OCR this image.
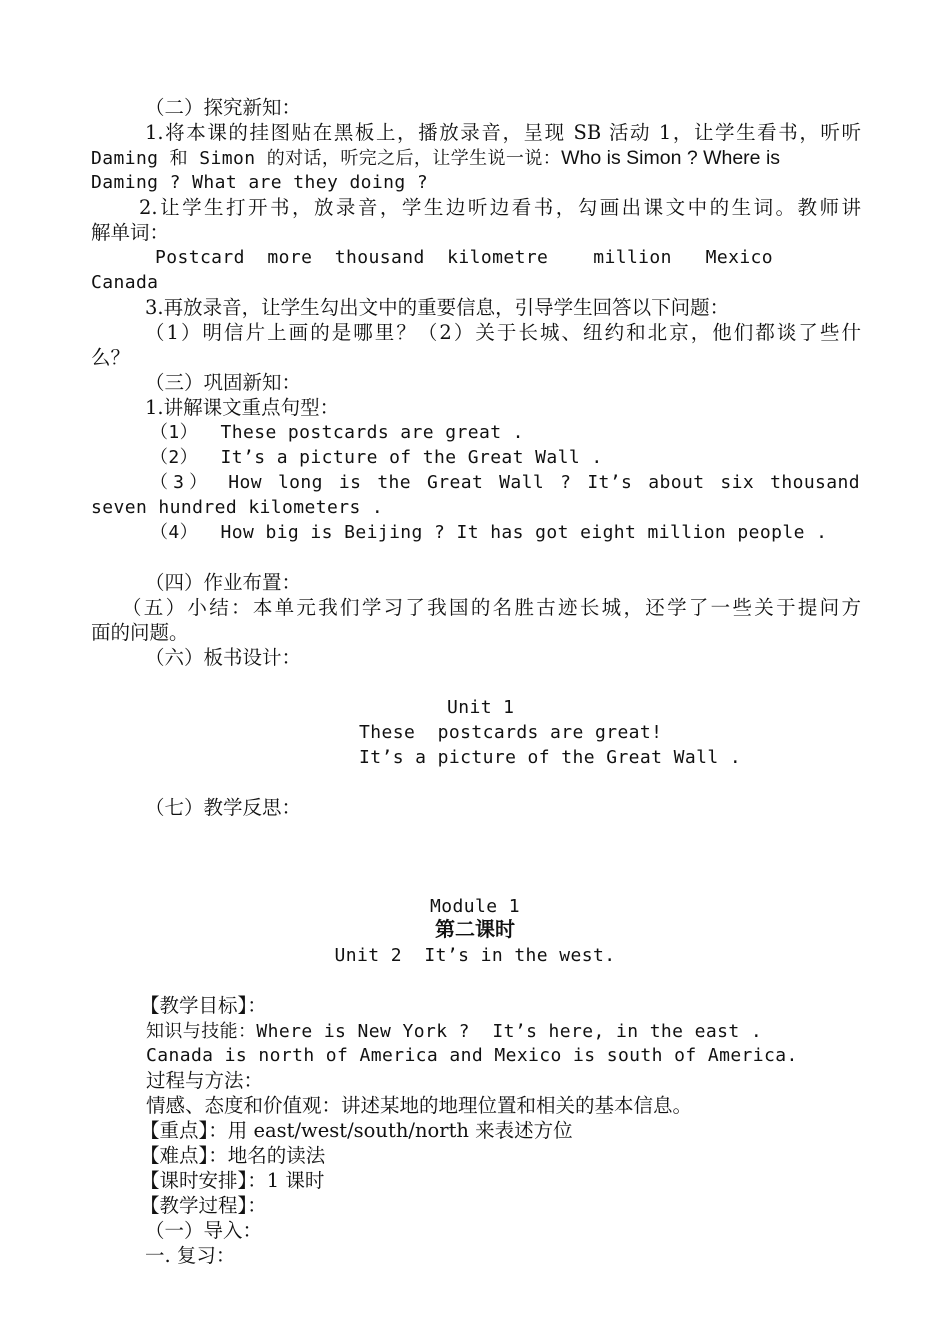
（二）探究新知：
1.将本课的挂图贴在黑板上，播放录音，呈现 SB 活动 1，让学生看书，听听
Daming 和 Simon 的对话，听完之后，让学生说一说：Who is Simon ? Where is
Daming ? What are they doing ?
2.让学生打开书，放录音，学生边听边看书，勾画出课文中的生词。教师讲
解单词：
Postcard  more  thousand  kilometre    million   Mexico
Canada
3.再放录音，让学生勾出文中的重要信息，引导学生回答以下问题：
（1）明信片上画的是哪里？（2）关于长城、纽约和北京，他们都谈了些什
么？
（三）巩固新知：
1.讲解课文重点句型：
（1）  These postcards are great .
（2）  It’s a picture of the Great Wall .
（3） How long is the Great Wall ? It’s about six thousand
seven hundred kilometers .
（4）  How big is Beijing ? It has got eight million people .
（四）作业布置：
（五）小结：本单元我们学习了我国的名胜古迹长城，还学了一些关于提问方
面的问题。
（六）板书设计：
Unit 1
These  postcards are great!
It’s a picture of the Great Wall .
（七）教学反思：
Module 1
第二课时
Unit 2  It’s in the west.
【教学目标】：
知识与技能：Where is New York ?  It’s here, in the east .
Canada is north of America and Mexico is south of America.
过程与方法：
情感、态度和价值观：讲述某地的地理位置和相关的基本信息。
【重点】：用 east/west/south/north 来表述方位
【难点】：地名的读法
【课时安排】：1 课时
【教学过程】：
（一）导入：
一. 复习：
